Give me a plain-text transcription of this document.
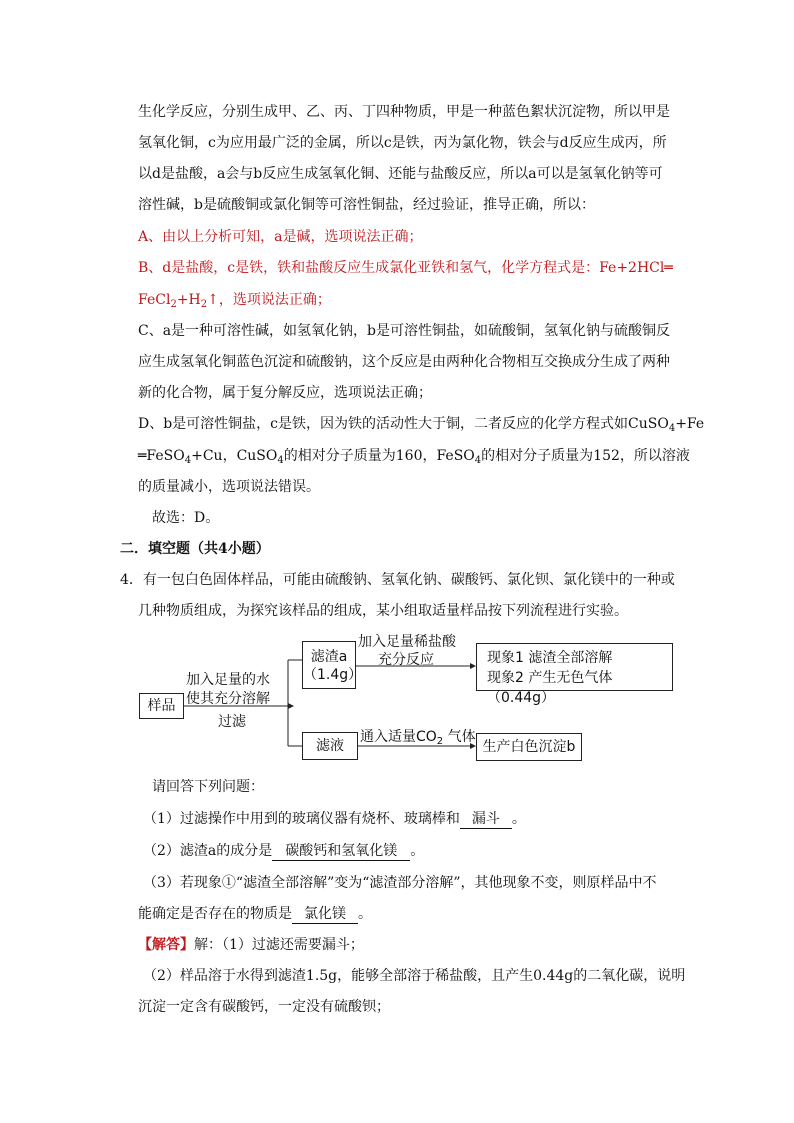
生化学反应，分别生成甲、乙、丙、丁四种物质，甲是一种蓝色絮状沉淀物，所以甲是
氢氧化铜，c为应用最广泛的金属，所以c是铁，丙为氯化物，铁会与d反应生成丙，所
以d是盐酸，a会与b反应生成氢氧化铜、还能与盐酸反应，所以a可以是氢氧化钠等可
溶性碱，b是硫酸铜或氯化铜等可溶性铜盐，经过验证，推导正确，所以：
A、由以上分析可知，a是碱，选项说法正确；
B、d是盐酸，c是铁，铁和盐酸反应生成氯化亚铁和氢气，化学方程式是：Fe+2HCl═
$FeCl_2+H_2↑$，选项说法正确；
C、a是一种可溶性碱，如氢氧化钠，b是可溶性铜盐，如硫酸铜，氢氧化钠与硫酸铜反
应生成氢氧化铜蓝色沉淀和硫酸钠，这个反应是由两种化合物相互交换成分生成了两种
新的化合物，属于复分解反应，选项说法正确；
D、b是可溶性铜盐，c是铁，因为铁的活动性大于铜，二者反应的化学方程式如CuSO$_4$+Fe
═FeSO$_4$+Cu，CuSO$_4$的相对分子质量为160，FeSO$_4$的相对分子质量为152，所以溶液
的质量减小，选项说法错误。
故选：D。
二．填空题（共4小题）
4．有一包白色固体样品，可能由硫酸钠、氢氧化钠、碳酸钙、氯化钡、氯化镁中的一种或
几种物质组成，为探究该样品的组成，某小组取适量样品按下列流程进行实验。
样品
加入足量的水
使其充分溶解
过滤
滤渣a
（1.4g）
滤液
加入足量稀盐酸
充分反应	现象1 滤渣全部溶解
现象2 产生无色气体（0.44g）
通入适量$CO_2$ 气体
生产白色沉淀b
请回答下列问题：
（1）过滤操作中用到的玻璃仪器有烧杯、玻璃棒和 漏斗 。
（2）滤渣a的成分是 碳酸钙和氢氧化镁 。
（3）若现象①“滤渣全部溶解”变为“滤渣部分溶解”，其他现象不变，则原样品中不
能确定是否存在的物质是 氯化镁 。
【解答】解：（1）过滤还需要漏斗；
（2）样品溶于水得到滤渣1.5g，能够全部溶于稀盐酸，且产生0.44g的二氧化碳，说明
沉淀一定含有碳酸钙，一定没有硫酸钡；
